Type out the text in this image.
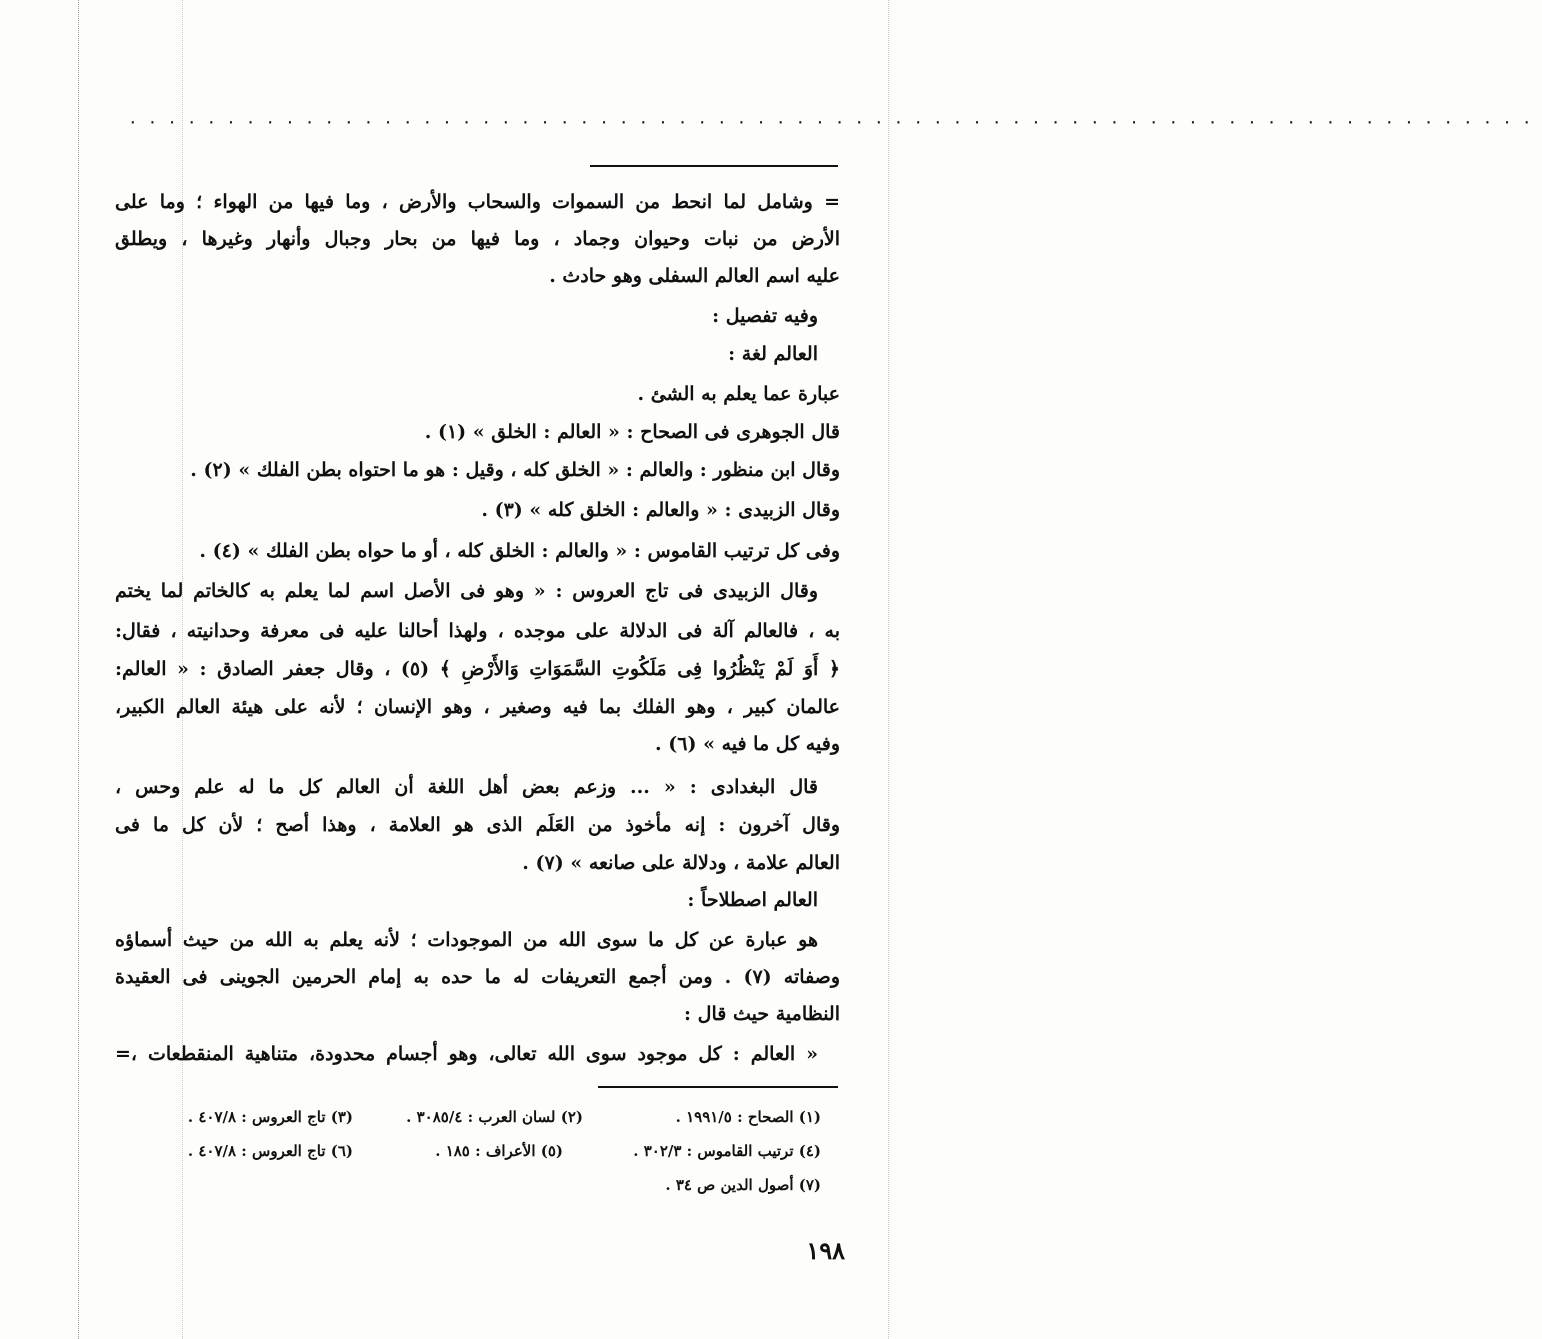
········································································
= وشامل لما انحط من السموات والسحاب والأرض ، وما فيها من الهواء ؛ وما على
الأرض من نبات وحيوان وجماد ، وما فيها من بحار وجبال وأنهار وغيرها ، ويطلق
عليه اسم العالم السفلى وهو حادث .
وفيه تفصيل :
العالم لغة :
عبارة عما يعلم به الشئ .
قال الجوهرى فى الصحاح : « العالم : الخلق » (١) .
وقال ابن منظور : والعالم : « الخلق كله ، وقيل : هو ما احتواه بطن الفلك » (٢) .
وقال الزبيدى : « والعالم : الخلق كله » (٣) .
وفى كل ترتيب القاموس : « والعالم : الخلق كله ، أو ما حواه بطن الفلك » (٤) .
وقال الزبيدى فى تاج العروس : « وهو فى الأصل اسم لما يعلم به كالخاتم لما يختم
به ، فالعالم آلة فى الدلالة على موجده ، ولهذا أحالنا عليه فى معرفة وحدانيته ، فقال:
﴿ أَوَ لَمْ يَنْظُرُوا فِى مَلَكُوتِ السَّمَوَاتِ وَالأَرْضِ ﴾ (٥) ، وقال جعفر الصادق : « العالم:
عالمان كبير ، وهو الفلك بما فيه وصغير ، وهو الإنسان ؛ لأنه على هيئة العالم الكبير،
وفيه كل ما فيه » (٦) .
قال البغدادى : « ... وزعم بعض أهل اللغة أن العالم كل ما له علم وحس ،
وقال آخرون : إنه مأخوذ من العَلَم الذى هو العلامة ، وهذا أصح ؛ لأن كل ما فى
العالم علامة ، ودلالة على صانعه » (٧) .
العالم اصطلاحاً :
هو عبارة عن كل ما سوى الله من الموجودات ؛ لأنه يعلم به الله من حيث أسماؤه
وصفاته (٧) . ومن أجمع التعريفات له ما حده به إمام الحرمين الجوينى فى العقيدة
النظامية حيث قال :
« العالم : كل موجود سوى الله تعالى، وهو أجسام محدودة، متناهية المنقطعات ،=
(١) الصحاح : ١٩٩١/٥ .
(٢) لسان العرب : ٣٠٨٥/٤ .
(٣) تاج العروس : ٤٠٧/٨ .
(٤) ترتيب القاموس : ٣٠٢/٣ .
(٥) الأعراف : ١٨٥ .
(٦) تاج العروس : ٤٠٧/٨ .
(٧) أصول الدين ص ٣٤ .
١٩٨
